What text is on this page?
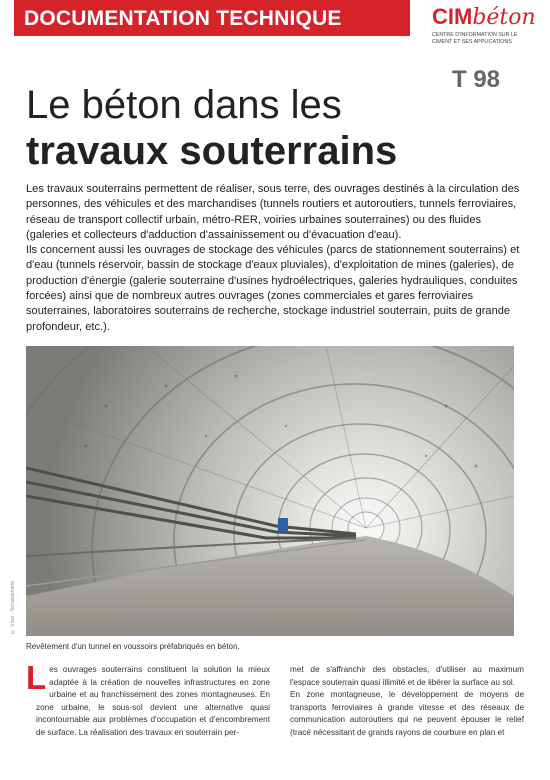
DOCUMENTATION TECHNIQUE	CIMbéton
CENTRE D'INFORMATION SUR LE CIMENT ET SES APPLICATIONS
T 98
Le béton dans les
travaux souterrains

Les travaux souterrains permettent de réaliser, sous terre, des ouvrages destinés à la circulation des personnes, des véhicules et des marchandises (tunnels routiers et autoroutiers, tunnels ferroviaires, réseau de transport collectif urbain, métro-RER, voiries urbaines souterraines) ou des fluides (galeries et collecteurs d'adduction d'assainissement ou d'évacuation d'eau).

Ils concernent aussi les ouvrages de stockage des véhicules (parcs de stationnement souterrains) et d'eau (tunnels réservoir, bassin de stockage d'eaux pluviales), d'exploitation de mines (galeries), de production d'énergie (galerie souterraine d'usines hydroélectriques, galeries hydrauliques, conduites forcées) ainsi que de nombreux autres ouvrages (zones commerciales et gares ferroviaires souterraines, laboratoires souterrains de recherche, stockage industriel souterrain, puits de grande profondeur, etc.).

© Vinci - Terrassement
Revêtement d'un tunnel en voussoirs préfabriqués en béton.

Les ouvrages souterrains constituent la solution la mieux adaptée à la création de nouvelles infrastructures en zone urbaine et au franchissement des zones montagneuses. En zone urbaine, le sous-sol devient une alternative quasi incontournable aux problèmes d'occupation et d'encombrement de surface. La réalisation des travaux en souterrain per-

met de s'affranchir des obstacles, d'utiliser au maximum l'espace souterrain quasi illimité et de libérer la surface au sol.

En zone montagneuse, le développement de moyens de transports ferroviaires à grande vitesse et des réseaux de communication autoroutiers qui ne peuvent épouser le relief (tracé nécessitant de grands rayons de courbure en plan et
